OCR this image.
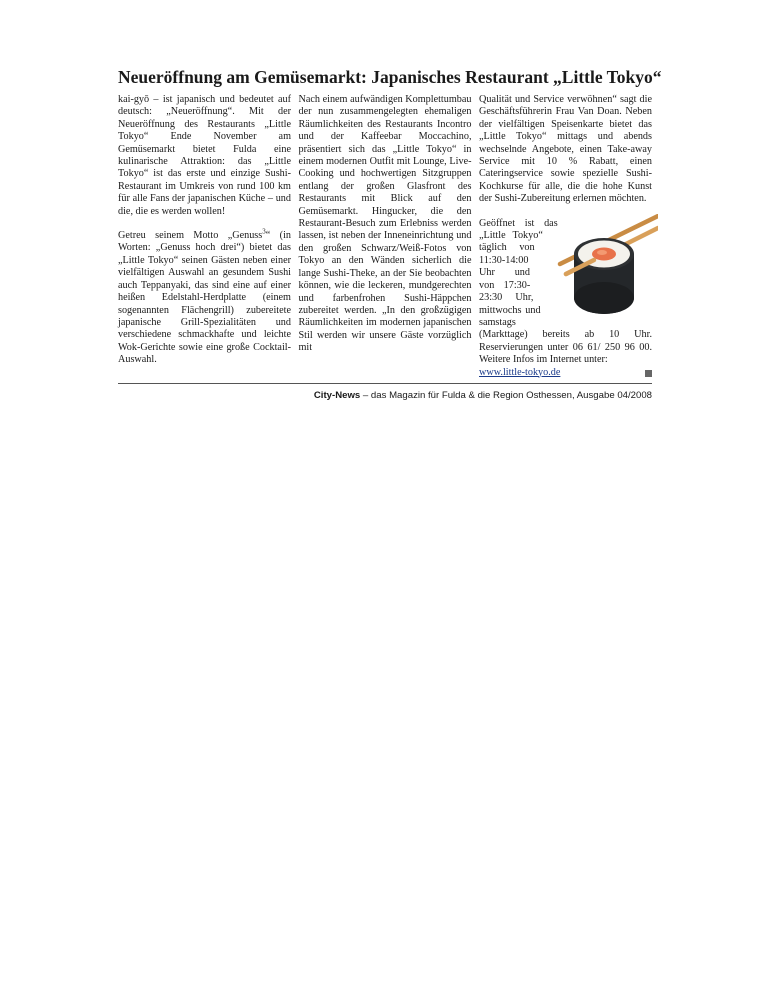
Neueröffnung am Gemüsemarkt: Japanisches Restaurant „Little Tokyo“

kai-gyō – ist japanisch und bedeutet auf deutsch: „Neueröffnung“. Mit der Neueröffnung des Restaurants „Little Tokyo“ Ende November am Gemüsemarkt bietet Fulda eine kulinarische Attraktion: das „Little Tokyo“ ist das erste und einzige Sushi-Restaurant im Umkreis von rund 100 km für alle Fans der japanischen Küche – und die, die es werden wollen!

Getreu seinem Motto „Genuss$^3$“ (in Worten: „Genuss hoch drei“) bietet das „Little Tokyo“ seinen Gästen neben einer vielfältigen Auswahl an gesundem Sushi auch Teppanyaki, das sind eine auf einer heißen Edelstahl-Herdplatte (einem sogenannten Flächengrill) zubereitete japanische Grill-Spezialitäten und verschiedene schmackhafte und leichte Wok-Gerichte sowie eine große Cocktail-Auswahl.

Nach einem aufwändigen Komplettumbau der nun zusammengelegten ehemaligen Räumlichkeiten des Restaurants Incontro und der Kaffeebar Moccachino, präsentiert sich das „Little Tokyo“ in einem modernen Outfit mit Lounge, Live-Cooking und hochwertigen Sitzgruppen entlang der großen Glasfront des Restaurants mit Blick auf den Gemüsemarkt. Hingucker, die den Restaurant-Besuch zum Erlebniss werden lassen, ist neben der Inneneinrichtung und den großen Schwarz/Weiß-Fotos von Tokyo an den Wänden sicherlich die lange Sushi-Theke, an der Sie beobachten können, wie die leckeren, mundgerechten und farbenfrohen Sushi-Häppchen zubereitet werden. „In den großzügigen Räumlichkeiten im modernen japanischen Stil werden wir unsere Gäste vorzüglich mit

Qualität und Service verwöhnen“ sagt die Geschäftsführerin Frau Van Doan. Neben der vielfältigen Speisenkarte bietet das „Little Tokyo“ mittags und abends wechselnde Angebote, einen Take-away Service mit 10 % Rabatt, einen Cateringservice sowie spezielle Sushi-Kochkurse für alle, die die hohe Kunst der Sushi-Zubereitung erlernen möchten.

Geöffnet ist das „Little Tokyo“ täglich von 11:30-14:00 Uhr und von 17:30-23:30 Uhr, mittwochs und samstags (Markttage) bereits ab 10 Uhr. Reservierungen unter 06 61/ 250 96 00. Weitere Infos im Internet unter:
www.little-tokyo.de

City-News – das Magazin für Fulda & die Region Osthessen, Ausgabe 04/2008
